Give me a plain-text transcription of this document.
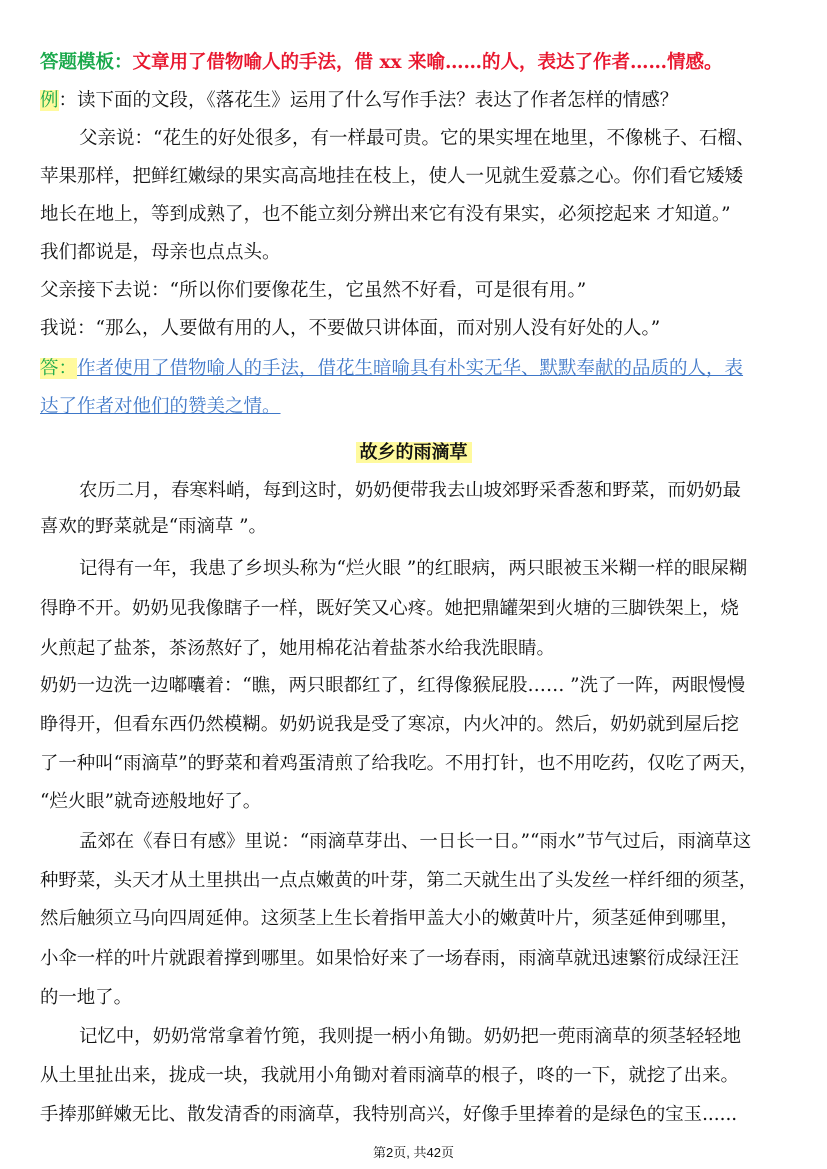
答题模板：文章用了借物喻人的手法，借 xx 来喻……的人，表达了作者……情感。
例：读下面的文段，《落花生》运用了什么写作手法？表达了作者怎样的情感？
父亲说：“花生的好处很多，有一样最可贵。它的果实埋在地里，不像桃子、石榴、
苹果那样，把鲜红嫩绿的果实高高地挂在枝上，使人一见就生爱慕之心。你们看它矮矮
地长在地上，等到成熟了，也不能立刻分辨出来它有没有果实，必须挖起来 才知道。”
我们都说是，母亲也点点头。
父亲接下去说：“所以你们要像花生，它虽然不好看，可是很有用。”
我说：“那么，人要做有用的人，不要做只讲体面，而对别人没有好处的人。”
答：作者使用了借物喻人的手法，借花生暗喻具有朴实无华、默默奉献的品质的人，表
达了作者对他们的赞美之情。
故乡的雨滴草
农历二月，春寒料峭，每到这时，奶奶便带我去山坡郊野采香葱和野菜，而奶奶最
喜欢的野菜就是“雨滴草 ”。
记得有一年，我患了乡坝头称为“烂火眼 ”的红眼病，两只眼被玉米糊一样的眼屎糊
得睁不开。奶奶见我像瞎子一样，既好笑又心疼。她把鼎罐架到火塘的三脚铁架上，烧
火煎起了盐茶，茶汤熬好了，她用棉花沾着盐茶水给我洗眼睛。
奶奶一边洗一边嘟囔着：“瞧，两只眼都红了，红得像猴屁股…… ”洗了一阵，两眼慢慢
睁得开，但看东西仍然模糊。奶奶说我是受了寒凉，内火冲的。然后，奶奶就到屋后挖
了一种叫“雨滴草”的野菜和着鸡蛋清煎了给我吃。不用打针，也不用吃药，仅吃了两天，
“烂火眼”就奇迹般地好了。
孟郊在《春日有感》里说：“雨滴草芽出、一日长一日。”“雨水”节气过后，雨滴草这
种野菜，头天才从土里拱出一点点嫩黄的叶芽，第二天就生出了头发丝一样纤细的须茎，
然后触须立马向四周延伸。这须茎上生长着指甲盖大小的嫩黄叶片，须茎延伸到哪里，
小伞一样的叶片就跟着撑到哪里。如果恰好来了一场春雨，雨滴草就迅速繁衍成绿汪汪
的一地了。
记忆中，奶奶常常拿着竹篼，我则提一柄小角锄。奶奶把一蔸雨滴草的须茎轻轻地
从土里扯出来，拢成一块，我就用小角锄对着雨滴草的根子，咚的一下，就挖了出来。
手捧那鲜嫩无比、散发清香的雨滴草，我特别高兴，好像手里捧着的是绿色的宝玉......
第2页, 共42页
